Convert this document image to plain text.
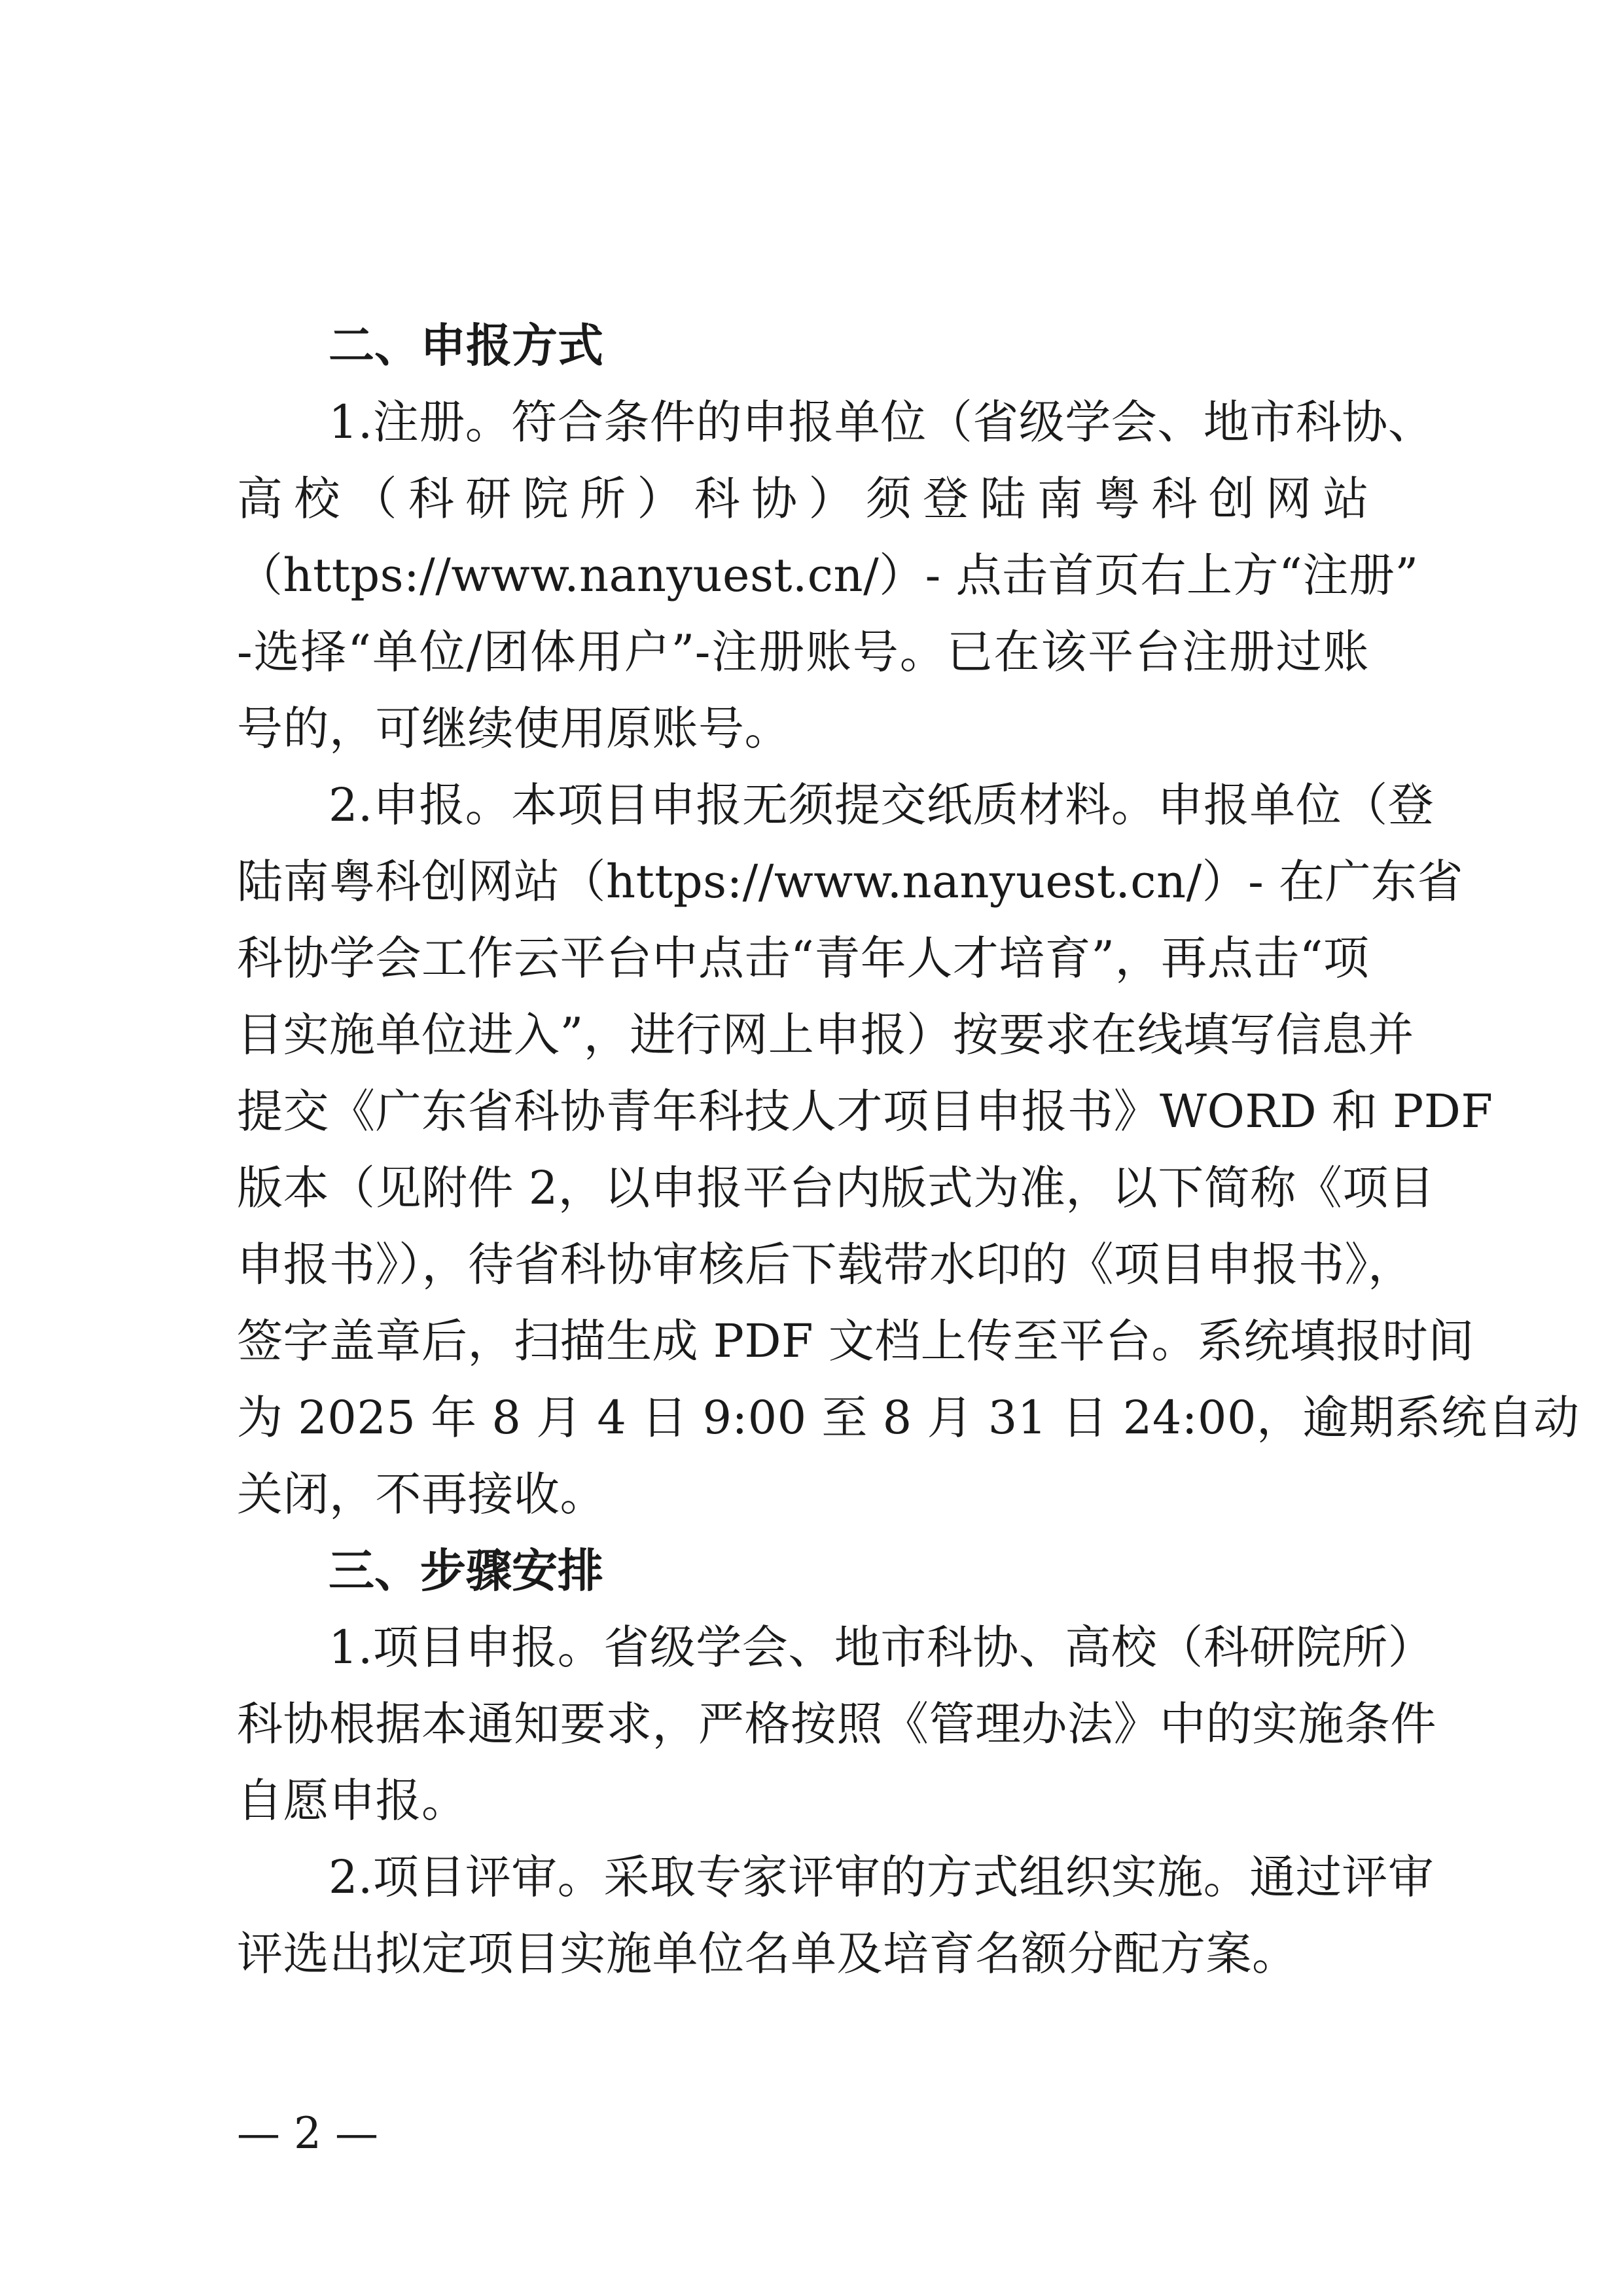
二、申报方式
1.注册。符合条件的申报单位（省级学会、地市科协、
高校（科研院所）科协）须登陆南粤科创网站
（https://www.nanyuest.cn/）- 点击首页右上方“注册”
-选择“单位/团体用户”-注册账号。已在该平台注册过账
号的，可继续使用原账号。
2.申报。本项目申报无须提交纸质材料。申报单位（登
陆南粤科创网站（https://www.nanyuest.cn/）- 在广东省
科协学会工作云平台中点击“青年人才培育”，再点击“项
目实施单位进入”，进行网上申报）按要求在线填写信息并
提交《广东省科协青年科技人才项目申报书》WORD 和 PDF
版本（见附件 2，以申报平台内版式为准，以下简称《项目
申报书》），待省科协审核后下载带水印的《项目申报书》，
签字盖章后，扫描生成 PDF 文档上传至平台。系统填报时间
为 2025 年 8 月 4 日 9:00 至 8 月 31 日 24:00，逾期系统自动
关闭，不再接收。
三、步骤安排
1.项目申报。省级学会、地市科协、高校（科研院所）
科协根据本通知要求，严格按照《管理办法》中的实施条件
自愿申报。
2.项目评审。采取专家评审的方式组织实施。通过评审
评选出拟定项目实施单位名单及培育名额分配方案。
— 2 —
